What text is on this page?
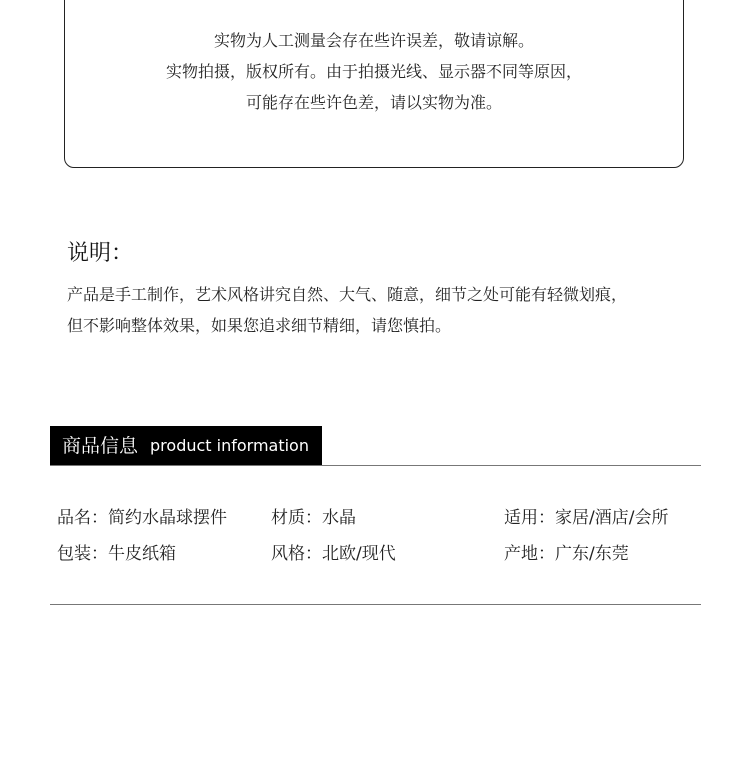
实物为人工测量会存在些许误差，敬请谅解。
实物拍摄，版权所有。由于拍摄光线、显示器不同等原因，
可能存在些许色差，请以实物为准。
说明：
产品是手工制作，艺术风格讲究自然、大气、随意，细节之处可能有轻微划痕，
但不影响整体效果，如果您追求细节精细，请您慎拍。
商品信息 product information
品名：简约水晶球摆件	材质：水晶	适用：家居/酒店/会所
包装：牛皮纸箱	风格：北欧/现代	产地：广东/东莞
